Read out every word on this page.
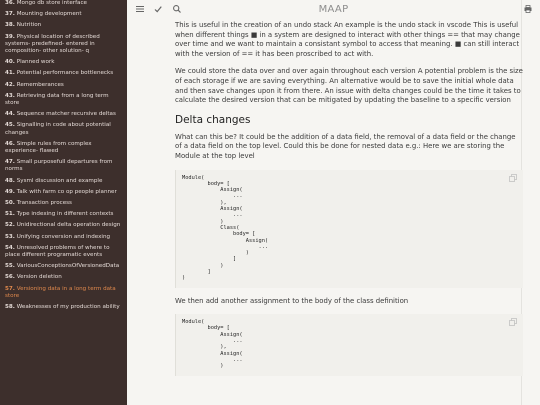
36. Mongo db store interface
37. Mounting development
38. Nutrition
39. Physical location of described systems- predefined- entered in composition- other solution- q
40. Planned work
41. Potential performance bottlenecks
42. Rememberances
43. Retrieving data from a long term store
44. Sequence matcher recursive deltas
45. Signalling in code about potential changes
46. Simple rules from complex experience- flawed
47. Small purposefull departures from norms
48. Sysml discussion and example
49. Talk with farm co op people planner
50. Transaction process
51. Type indexing in different contexts
52. Unidirectional delta operation design
53. Unifying conversion and indexing
54. Unresolved problems of where to place different programatic events
55. VariousConceptionsOfVersionedData
56. Version deletion
57. Versioning data in a long term data store
58. Weaknesses of my production ability
MAAP

This is useful in the creation of an undo stack An example is the undo stack in vscode This is useful when different things ■ in a system are designed to interact with other things == that may change over time and we want to maintain a consistant symbol to access that meaning. ■ can still interact with the version of == it has been proscribed to act with.

We could store the data over and over again throughout each version A potential problem is the size of each storage if we are saving everything. An alternative would be to save the initial whole data and then save changes upon it from there. An issue with delta changes could be the time it takes to calculate the desired version that can be mitigated by updating the baseline to a specific version

Delta changes

What can this be? It could be the addition of a data field, the removal of a data field or the change of a data field on the top level. Could this be done for nested data e.g.: Here we are storing the Module at the top level

Module(
body= [
Assign(
...
),
Assign(
...
)
Class(
body= [
Assign(
...
)
]
)
]
)

We then add another assignment to the body of the class definition

Module(
body= [
Assign(
...
),
Assign(
...
)
